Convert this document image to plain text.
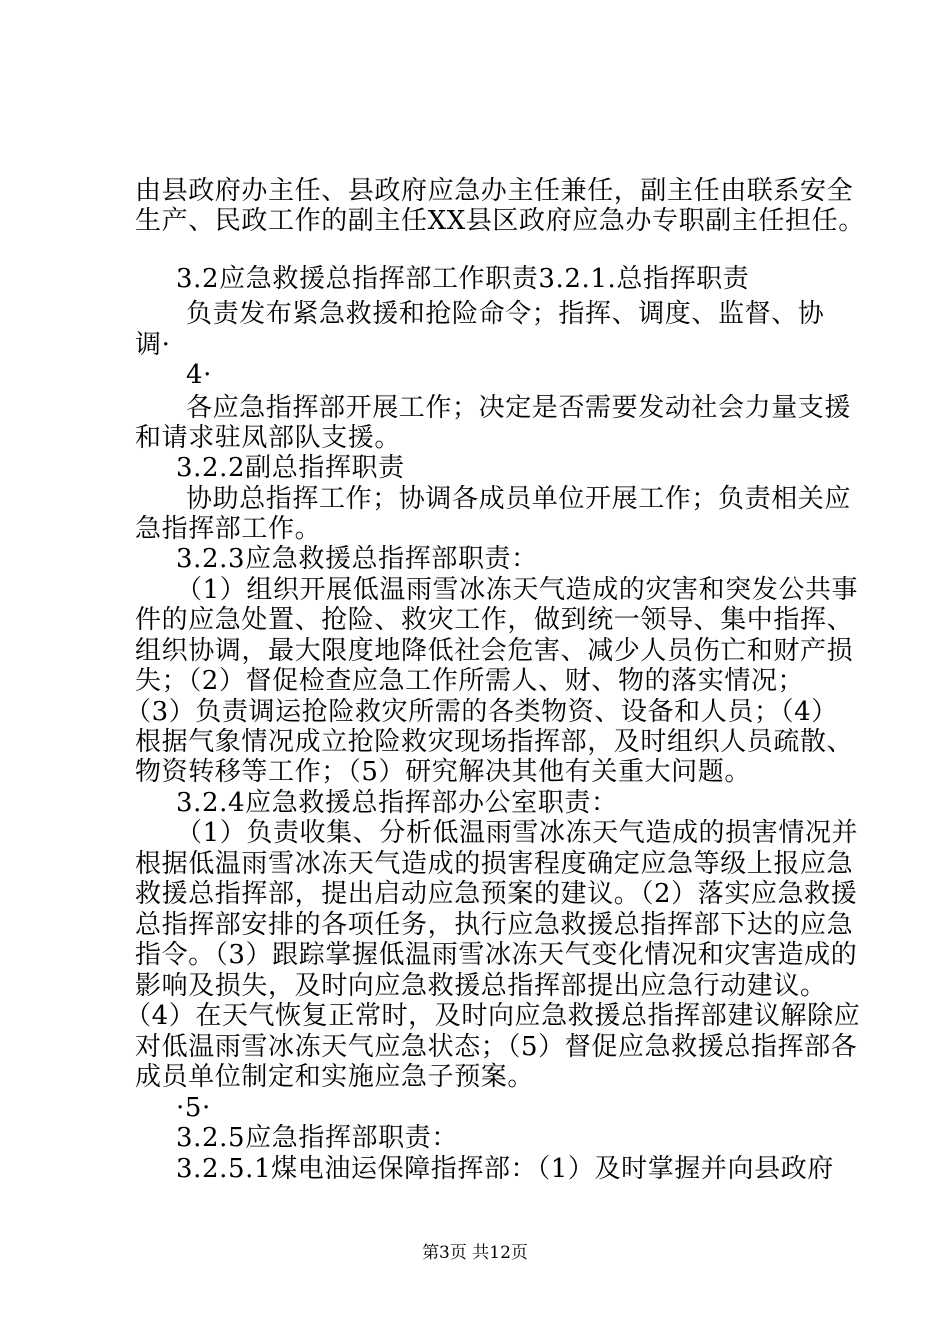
由县政府办主任、县政府应急办主任兼任，副主任由联系安全
生产、民政工作的副主任XX县区政府应急办专职副主任担任。
3.2应急救援总指挥部工作职责3.2.1.总指挥职责
负责发布紧急救援和抢险命令；指挥、调度、监督、协
调·
4·
各应急指挥部开展工作；决定是否需要发动社会力量支援
和请求驻凤部队支援。
3.2.2副总指挥职责
协助总指挥工作；协调各成员单位开展工作；负责相关应
急指挥部工作。
3.2.3应急救援总指挥部职责：
（1）组织开展低温雨雪冰冻天气造成的灾害和突发公共事
件的应急处置、抢险、救灾工作，做到统一领导、集中指挥、
组织协调，最大限度地降低社会危害、减少人员伤亡和财产损
失；（2）督促检查应急工作所需人、财、物的落实情况；
（3）负责调运抢险救灾所需的各类物资、设备和人员；（4）
根据气象情况成立抢险救灾现场指挥部，及时组织人员疏散、
物资转移等工作；（5）研究解决其他有关重大问题。
3.2.4应急救援总指挥部办公室职责：
（1）负责收集、分析低温雨雪冰冻天气造成的损害情况并
根据低温雨雪冰冻天气造成的损害程度确定应急等级上报应急
救援总指挥部，提出启动应急预案的建议。（2）落实应急救援
总指挥部安排的各项任务，执行应急救援总指挥部下达的应急
指令。（3）跟踪掌握低温雨雪冰冻天气变化情况和灾害造成的
影响及损失，及时向应急救援总指挥部提出应急行动建议。
（4）在天气恢复正常时，及时向应急救援总指挥部建议解除应
对低温雨雪冰冻天气应急状态；（5）督促应急救援总指挥部各
成员单位制定和实施应急子预案。
·5·
3.2.5应急指挥部职责：
3.2.5.1煤电油运保障指挥部：（1）及时掌握并向县政府
第3页 共12页
